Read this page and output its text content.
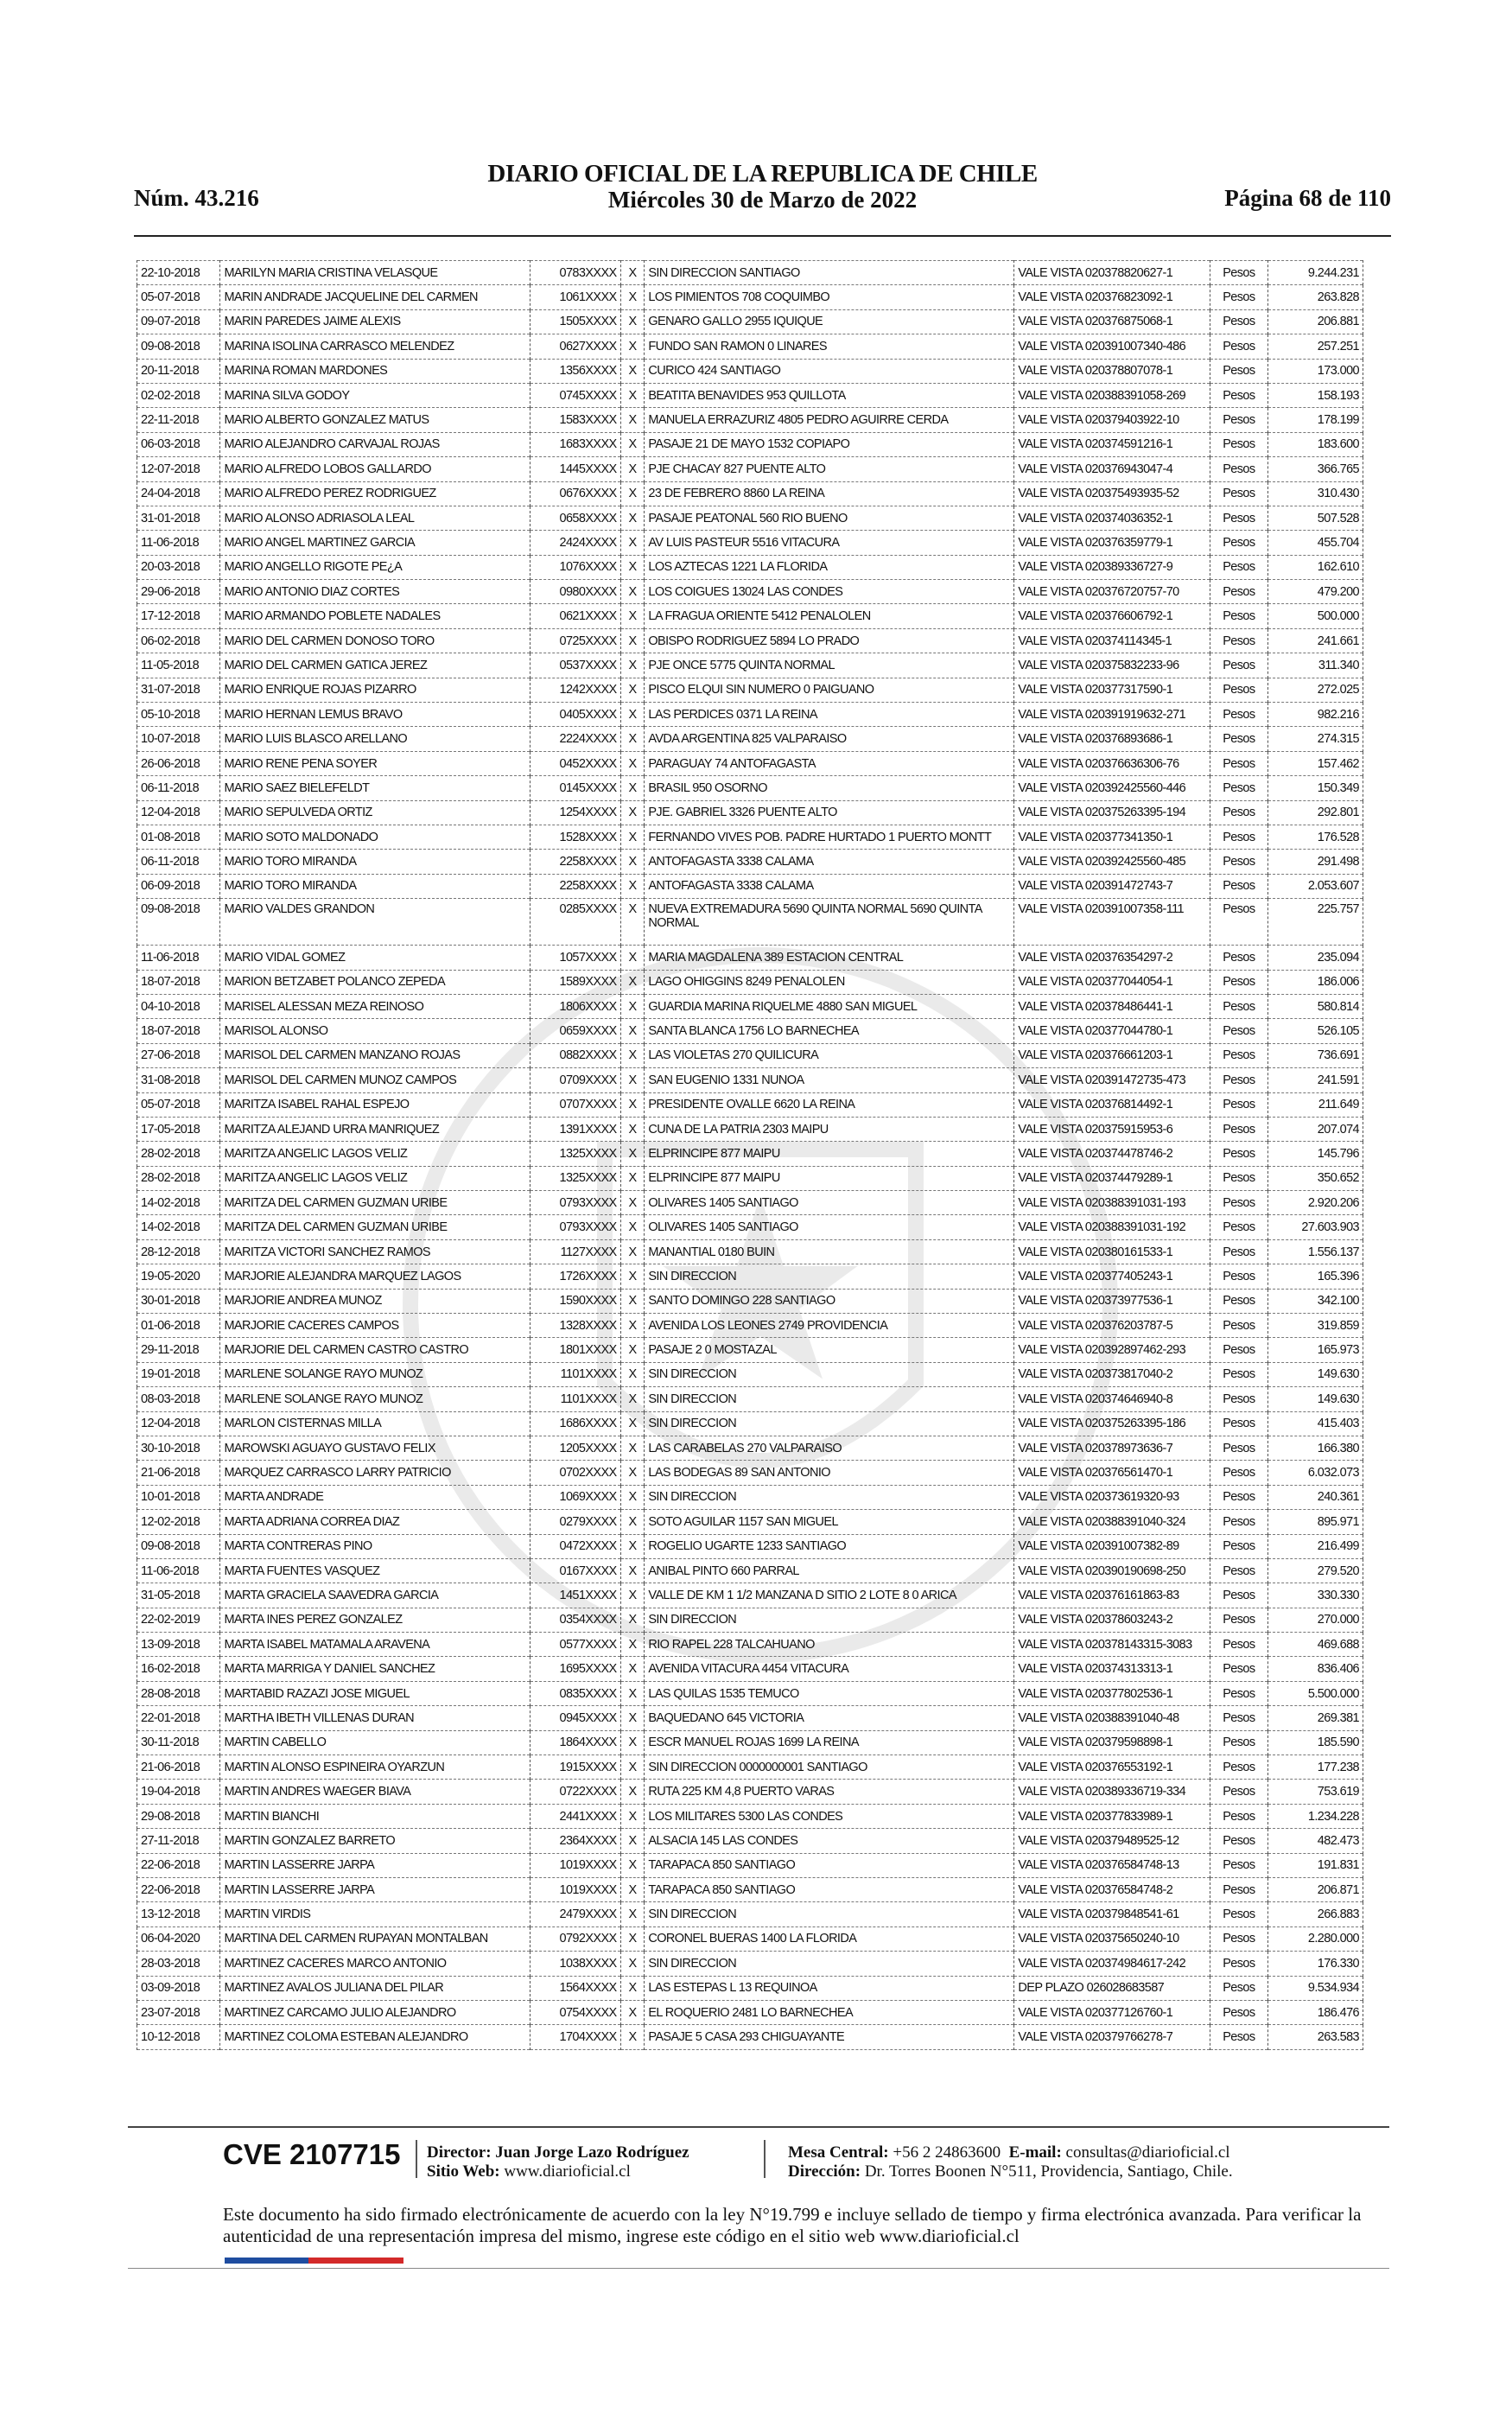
Núm. 43.216
DIARIO OFICIAL DE LA REPUBLICA DE CHILE
Miércoles 30 de Marzo de 2022	Página 68 de 110
22-10-2018	MARILYN MARIA CRISTINA VELASQUE	0783XXXX	X	SIN DIRECCION SANTIAGO	VALE VISTA 020378820627-1	Pesos	9.244.231
05-07-2018	MARIN ANDRADE JACQUELINE DEL CARMEN	1061XXXX	X	LOS PIMIENTOS 708 COQUIMBO	VALE VISTA 020376823092-1	Pesos	263.828
09-07-2018	MARIN PAREDES JAIME ALEXIS	1505XXXX	X	GENARO GALLO 2955 IQUIQUE	VALE VISTA 020376875068-1	Pesos	206.881
09-08-2018	MARINA ISOLINA CARRASCO MELENDEZ	0627XXXX	X	FUNDO SAN RAMON 0 LINARES	VALE VISTA 020391007340-486	Pesos	257.251
20-11-2018	MARINA ROMAN MARDONES	1356XXXX	X	CURICO 424 SANTIAGO	VALE VISTA 020378807078-1	Pesos	173.000
02-02-2018	MARINA SILVA GODOY	0745XXXX	X	BEATITA BENAVIDES 953 QUILLOTA	VALE VISTA 020388391058-269	Pesos	158.193
22-11-2018	MARIO ALBERTO GONZALEZ MATUS	1583XXXX	X	MANUELA ERRAZURIZ 4805 PEDRO AGUIRRE CERDA	VALE VISTA 020379403922-10	Pesos	178.199
06-03-2018	MARIO ALEJANDRO CARVAJAL ROJAS	1683XXXX	X	PASAJE 21 DE MAYO 1532 COPIAPO	VALE VISTA 020374591216-1	Pesos	183.600
12-07-2018	MARIO ALFREDO LOBOS GALLARDO	1445XXXX	X	PJE CHACAY 827 PUENTE ALTO	VALE VISTA 020376943047-4	Pesos	366.765
24-04-2018	MARIO ALFREDO PEREZ RODRIGUEZ	0676XXXX	X	23 DE FEBRERO 8860 LA REINA	VALE VISTA 020375493935-52	Pesos	310.430
31-01-2018	MARIO ALONSO ADRIASOLA LEAL	0658XXXX	X	PASAJE PEATONAL 560 RIO BUENO	VALE VISTA 020374036352-1	Pesos	507.528
11-06-2018	MARIO ANGEL MARTINEZ GARCIA	2424XXXX	X	AV LUIS PASTEUR 5516 VITACURA	VALE VISTA 020376359779-1	Pesos	455.704
20-03-2018	MARIO ANGELLO RIGOTE PE¿A	1076XXXX	X	LOS AZTECAS 1221 LA FLORIDA	VALE VISTA 020389336727-9	Pesos	162.610
29-06-2018	MARIO ANTONIO DIAZ CORTES	0980XXXX	X	LOS COIGUES 13024 LAS CONDES	VALE VISTA 020376720757-70	Pesos	479.200
17-12-2018	MARIO ARMANDO POBLETE NADALES	0621XXXX	X	LA FRAGUA ORIENTE 5412 PENALOLEN	VALE VISTA 020376606792-1	Pesos	500.000
06-02-2018	MARIO DEL CARMEN DONOSO TORO	0725XXXX	X	OBISPO RODRIGUEZ 5894 LO PRADO	VALE VISTA 020374114345-1	Pesos	241.661
11-05-2018	MARIO DEL CARMEN GATICA JEREZ	0537XXXX	X	PJE ONCE 5775 QUINTA NORMAL	VALE VISTA 020375832233-96	Pesos	311.340
31-07-2018	MARIO ENRIQUE ROJAS PIZARRO	1242XXXX	X	PISCO ELQUI SIN NUMERO 0 PAIGUANO	VALE VISTA 020377317590-1	Pesos	272.025
05-10-2018	MARIO HERNAN LEMUS BRAVO	0405XXXX	X	LAS PERDICES 0371 LA REINA	VALE VISTA 020391919632-271	Pesos	982.216
10-07-2018	MARIO LUIS BLASCO ARELLANO	2224XXXX	X	AVDA ARGENTINA 825 VALPARAISO	VALE VISTA 020376893686-1	Pesos	274.315
26-06-2018	MARIO RENE PENA SOYER	0452XXXX	X	PARAGUAY 74 ANTOFAGASTA	VALE VISTA 020376636306-76	Pesos	157.462
06-11-2018	MARIO SAEZ BIELEFELDT	0145XXXX	X	BRASIL 950 OSORNO	VALE VISTA 020392425560-446	Pesos	150.349
12-04-2018	MARIO SEPULVEDA ORTIZ	1254XXXX	X	PJE. GABRIEL 3326 PUENTE ALTO	VALE VISTA 020375263395-194	Pesos	292.801
01-08-2018	MARIO SOTO MALDONADO	1528XXXX	X	FERNANDO VIVES POB. PADRE HURTADO 1 PUERTO MONTT	VALE VISTA 020377341350-1	Pesos	176.528
06-11-2018	MARIO TORO MIRANDA	2258XXXX	X	ANTOFAGASTA 3338 CALAMA	VALE VISTA 020392425560-485	Pesos	291.498
06-09-2018	MARIO TORO MIRANDA	2258XXXX	X	ANTOFAGASTA 3338 CALAMA	VALE VISTA 020391472743-7	Pesos	2.053.607
09-08-2018	MARIO VALDES GRANDON	0285XXXX	X	NUEVA EXTREMADURA 5690 QUINTA NORMAL 5690 QUINTA NORMAL	VALE VISTA 020391007358-111	Pesos	225.757
11-06-2018	MARIO VIDAL GOMEZ	1057XXXX	X	MARIA MAGDALENA 389 ESTACION CENTRAL	VALE VISTA 020376354297-2	Pesos	235.094
18-07-2018	MARION BETZABET POLANCO ZEPEDA	1589XXXX	X	LAGO OHIGGINS 8249 PENALOLEN	VALE VISTA 020377044054-1	Pesos	186.006
04-10-2018	MARISEL ALESSAN MEZA REINOSO	1806XXXX	X	GUARDIA MARINA RIQUELME 4880 SAN MIGUEL	VALE VISTA 020378486441-1	Pesos	580.814
18-07-2018	MARISOL ALONSO	0659XXXX	X	SANTA BLANCA 1756 LO BARNECHEA	VALE VISTA 020377044780-1	Pesos	526.105
27-06-2018	MARISOL DEL CARMEN MANZANO ROJAS	0882XXXX	X	LAS VIOLETAS 270 QUILICURA	VALE VISTA 020376661203-1	Pesos	736.691
31-08-2018	MARISOL DEL CARMEN MUNOZ CAMPOS	0709XXXX	X	SAN EUGENIO 1331 NUNOA	VALE VISTA 020391472735-473	Pesos	241.591
05-07-2018	MARITZA ISABEL RAHAL ESPEJO	0707XXXX	X	PRESIDENTE OVALLE 6620 LA REINA	VALE VISTA 020376814492-1	Pesos	211.649
17-05-2018	MARITZA ALEJAND URRA MANRIQUEZ	1391XXXX	X	CUNA DE LA PATRIA 2303 MAIPU	VALE VISTA 020375915953-6	Pesos	207.074
28-02-2018	MARITZA ANGELIC LAGOS VELIZ	1325XXXX	X	ELPRINCIPE 877 MAIPU	VALE VISTA 020374478746-2	Pesos	145.796
28-02-2018	MARITZA ANGELIC LAGOS VELIZ	1325XXXX	X	ELPRINCIPE 877 MAIPU	VALE VISTA 020374479289-1	Pesos	350.652
14-02-2018	MARITZA DEL CARMEN GUZMAN URIBE	0793XXXX	X	OLIVARES 1405 SANTIAGO	VALE VISTA 020388391031-193	Pesos	2.920.206
14-02-2018	MARITZA DEL CARMEN GUZMAN URIBE	0793XXXX	X	OLIVARES 1405 SANTIAGO	VALE VISTA 020388391031-192	Pesos	27.603.903
28-12-2018	MARITZA VICTORI SANCHEZ RAMOS	1127XXXX	X	MANANTIAL 0180 BUIN	VALE VISTA 020380161533-1	Pesos	1.556.137
19-05-2020	MARJORIE ALEJANDRA MARQUEZ LAGOS	1726XXXX	X	SIN DIRECCION	VALE VISTA 020377405243-1	Pesos	165.396
30-01-2018	MARJORIE ANDREA MUNOZ	1590XXXX	X	SANTO DOMINGO 228 SANTIAGO	VALE VISTA 020373977536-1	Pesos	342.100
01-06-2018	MARJORIE CACERES CAMPOS	1328XXXX	X	AVENIDA LOS LEONES 2749 PROVIDENCIA	VALE VISTA 020376203787-5	Pesos	319.859
29-11-2018	MARJORIE DEL CARMEN CASTRO CASTRO	1801XXXX	X	PASAJE 2 0 MOSTAZAL	VALE VISTA 020392897462-293	Pesos	165.973
19-01-2018	MARLENE SOLANGE RAYO MUNOZ	1101XXXX	X	SIN DIRECCION	VALE VISTA 020373817040-2	Pesos	149.630
08-03-2018	MARLENE SOLANGE RAYO MUNOZ	1101XXXX	X	SIN DIRECCION	VALE VISTA 020374646940-8	Pesos	149.630
12-04-2018	MARLON CISTERNAS MILLA	1686XXXX	X	SIN DIRECCION	VALE VISTA 020375263395-186	Pesos	415.403
30-10-2018	MAROWSKI AGUAYO GUSTAVO FELIX	1205XXXX	X	LAS CARABELAS 270 VALPARAISO	VALE VISTA 020378973636-7	Pesos	166.380
21-06-2018	MARQUEZ CARRASCO LARRY PATRICIO	0702XXXX	X	LAS BODEGAS 89 SAN ANTONIO	VALE VISTA 020376561470-1	Pesos	6.032.073
10-01-2018	MARTA ANDRADE	1069XXXX	X	SIN DIRECCION	VALE VISTA 020373619320-93	Pesos	240.361
12-02-2018	MARTA ADRIANA CORREA DIAZ	0279XXXX	X	SOTO AGUILAR 1157 SAN MIGUEL	VALE VISTA 020388391040-324	Pesos	895.971
09-08-2018	MARTA CONTRERAS PINO	0472XXXX	X	ROGELIO UGARTE 1233 SANTIAGO	VALE VISTA 020391007382-89	Pesos	216.499
11-06-2018	MARTA FUENTES VASQUEZ	0167XXXX	X	ANIBAL PINTO 660 PARRAL	VALE VISTA 020390190698-250	Pesos	279.520
31-05-2018	MARTA GRACIELA SAAVEDRA GARCIA	1451XXXX	X	VALLE DE KM 1 1/2 MANZANA D SITIO 2 LOTE 8 0 ARICA	VALE VISTA 020376161863-83	Pesos	330.330
22-02-2019	MARTA INES PEREZ GONZALEZ	0354XXXX	X	SIN DIRECCION	VALE VISTA 020378603243-2	Pesos	270.000
13-09-2018	MARTA ISABEL MATAMALA ARAVENA	0577XXXX	X	RIO RAPEL 228 TALCAHUANO	VALE VISTA 020378143315-3083	Pesos	469.688
16-02-2018	MARTA MARRIGA Y DANIEL SANCHEZ	1695XXXX	X	AVENIDA VITACURA 4454 VITACURA	VALE VISTA 020374313313-1	Pesos	836.406
28-08-2018	MARTABID RAZAZI JOSE MIGUEL	0835XXXX	X	LAS QUILAS 1535 TEMUCO	VALE VISTA 020377802536-1	Pesos	5.500.000
22-01-2018	MARTHA IBETH VILLENAS DURAN	0945XXXX	X	BAQUEDANO 645 VICTORIA	VALE VISTA 020388391040-48	Pesos	269.381
30-11-2018	MARTIN CABELLO	1864XXXX	X	ESCR MANUEL ROJAS 1699 LA REINA	VALE VISTA 020379598898-1	Pesos	185.590
21-06-2018	MARTIN ALONSO ESPINEIRA OYARZUN	1915XXXX	X	SIN DIRECCION 0000000001 SANTIAGO	VALE VISTA 020376553192-1	Pesos	177.238
19-04-2018	MARTIN ANDRES WAEGER BIAVA	0722XXXX	X	RUTA 225 KM 4,8 PUERTO VARAS	VALE VISTA 020389336719-334	Pesos	753.619
29-08-2018	MARTIN BIANCHI	2441XXXX	X	LOS MILITARES 5300 LAS CONDES	VALE VISTA 020377833989-1	Pesos	1.234.228
27-11-2018	MARTIN GONZALEZ BARRETO	2364XXXX	X	ALSACIA 145 LAS CONDES	VALE VISTA 020379489525-12	Pesos	482.473
22-06-2018	MARTIN LASSERRE JARPA	1019XXXX	X	TARAPACA 850 SANTIAGO	VALE VISTA 020376584748-13	Pesos	191.831
22-06-2018	MARTIN LASSERRE JARPA	1019XXXX	X	TARAPACA 850 SANTIAGO	VALE VISTA 020376584748-2	Pesos	206.871
13-12-2018	MARTIN VIRDIS	2479XXXX	X	SIN DIRECCION	VALE VISTA 020379848541-61	Pesos	266.883
06-04-2020	MARTINA DEL CARMEN RUPAYAN MONTALBAN	0792XXXX	X	CORONEL BUERAS 1400 LA FLORIDA	VALE VISTA 020375650240-10	Pesos	2.280.000
28-03-2018	MARTINEZ CACERES MARCO ANTONIO	1038XXXX	X	SIN DIRECCION	VALE VISTA 020374984617-242	Pesos	176.330
03-09-2018	MARTINEZ AVALOS JULIANA DEL PILAR	1564XXXX	X	LAS ESTEPAS L 13 REQUINOA	DEP PLAZO 026028683587	Pesos	9.534.934
23-07-2018	MARTINEZ CARCAMO JULIO ALEJANDRO	0754XXXX	X	EL ROQUERIO 2481 LO BARNECHEA	VALE VISTA 020377126760-1	Pesos	186.476
10-12-2018	MARTINEZ COLOMA ESTEBAN ALEJANDRO	1704XXXX	X	PASAJE 5 CASA 293 CHIGUAYANTE	VALE VISTA 020379766278-7	Pesos	263.583
CVE 2107715 Director: Juan Jorge Lazo Rodríguez
Sitio Web: www.diarioficial.cl
Mesa Central: +56 2 24863600 E-mail: consultas@diarioficial.cl
Dirección: Dr. Torres Boonen N°511, Providencia, Santiago, Chile.
Este documento ha sido firmado electrónicamente de acuerdo con la ley N°19.799 e incluye sellado de tiempo y firma electrónica avanzada. Para verificar la autenticidad de una representación impresa del mismo, ingrese este código en el sitio web www.diarioficial.cl
